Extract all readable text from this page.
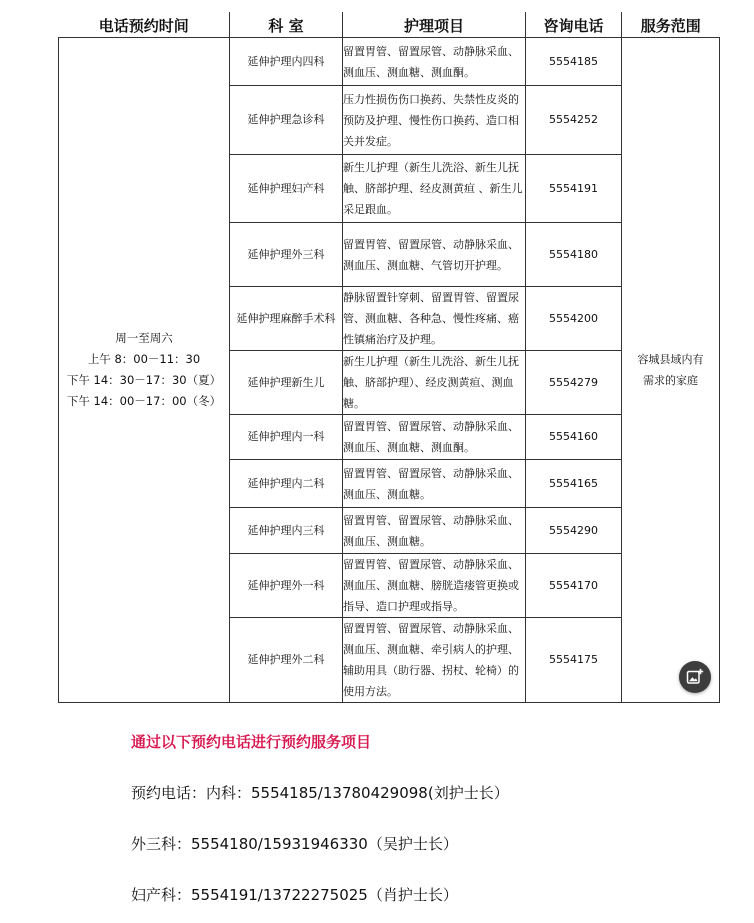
电话预约时间	科 室	护理项目	咨询电话	服务范围

周一至周六
上午 8：00－11：30
下午 14：30－17：30（夏）
下午 14：00－17：00（冬）	延伸护理内四科	留置胃管、留置尿管、动静脉采血、测血压、测血糖、测血酮。	5554185	容城县域内有
需求的家庭

	延伸护理急诊科	压力性损伤伤口换药、失禁性皮炎的预防及护理、慢性伤口换药、造口相关并发症。	5554252	
	延伸护理妇产科	新生儿护理（新生儿洗浴、新生儿抚触、脐部护理、经皮测黄疸 、新生儿采足跟血。	5554191	
	延伸护理外三科	留置胃管、留置尿管、动静脉采血、测血压、测血糖、气管切开护理。	5554180	
	延伸护理麻醉手术科	静脉留置针穿刺、留置胃管、留置尿管、测血糖、各种急、慢性疼痛、癌性镇痛治疗及护理。	5554200	
	延伸护理新生儿	新生儿护理（新生儿洗浴、新生儿抚触、脐部护理）、经皮测黄疸、测血糖。	5554279	
	延伸护理内一科	留置胃管、留置尿管、动静脉采血、测血压、测血糖、测血酮。	5554160	
	延伸护理内二科	留置胃管、留置尿管、动静脉采血、测血压、测血糖。	5554165	
	延伸护理内三科	留置胃管、留置尿管、动静脉采血、测血压、测血糖。	5554290	
	延伸护理外一科	留置胃管、留置尿管、动静脉采血、测血压、测血糖、膀胱造瘘管更换或指导、造口护理或指导。	5554170	
	延伸护理外二科	留置胃管、留置尿管、动静脉采血、测血压、测血糖、牵引病人的护理、辅助用具（助行器、拐杖、轮椅）的使用方法。	5554175	
通过以下预约电话进行预约服务项目
预约电话：内科：5554185/13780429098(刘护士长）
外三科：5554180/15931946330（吴护士长）
妇产科：5554191/13722275025（肖护士长）
